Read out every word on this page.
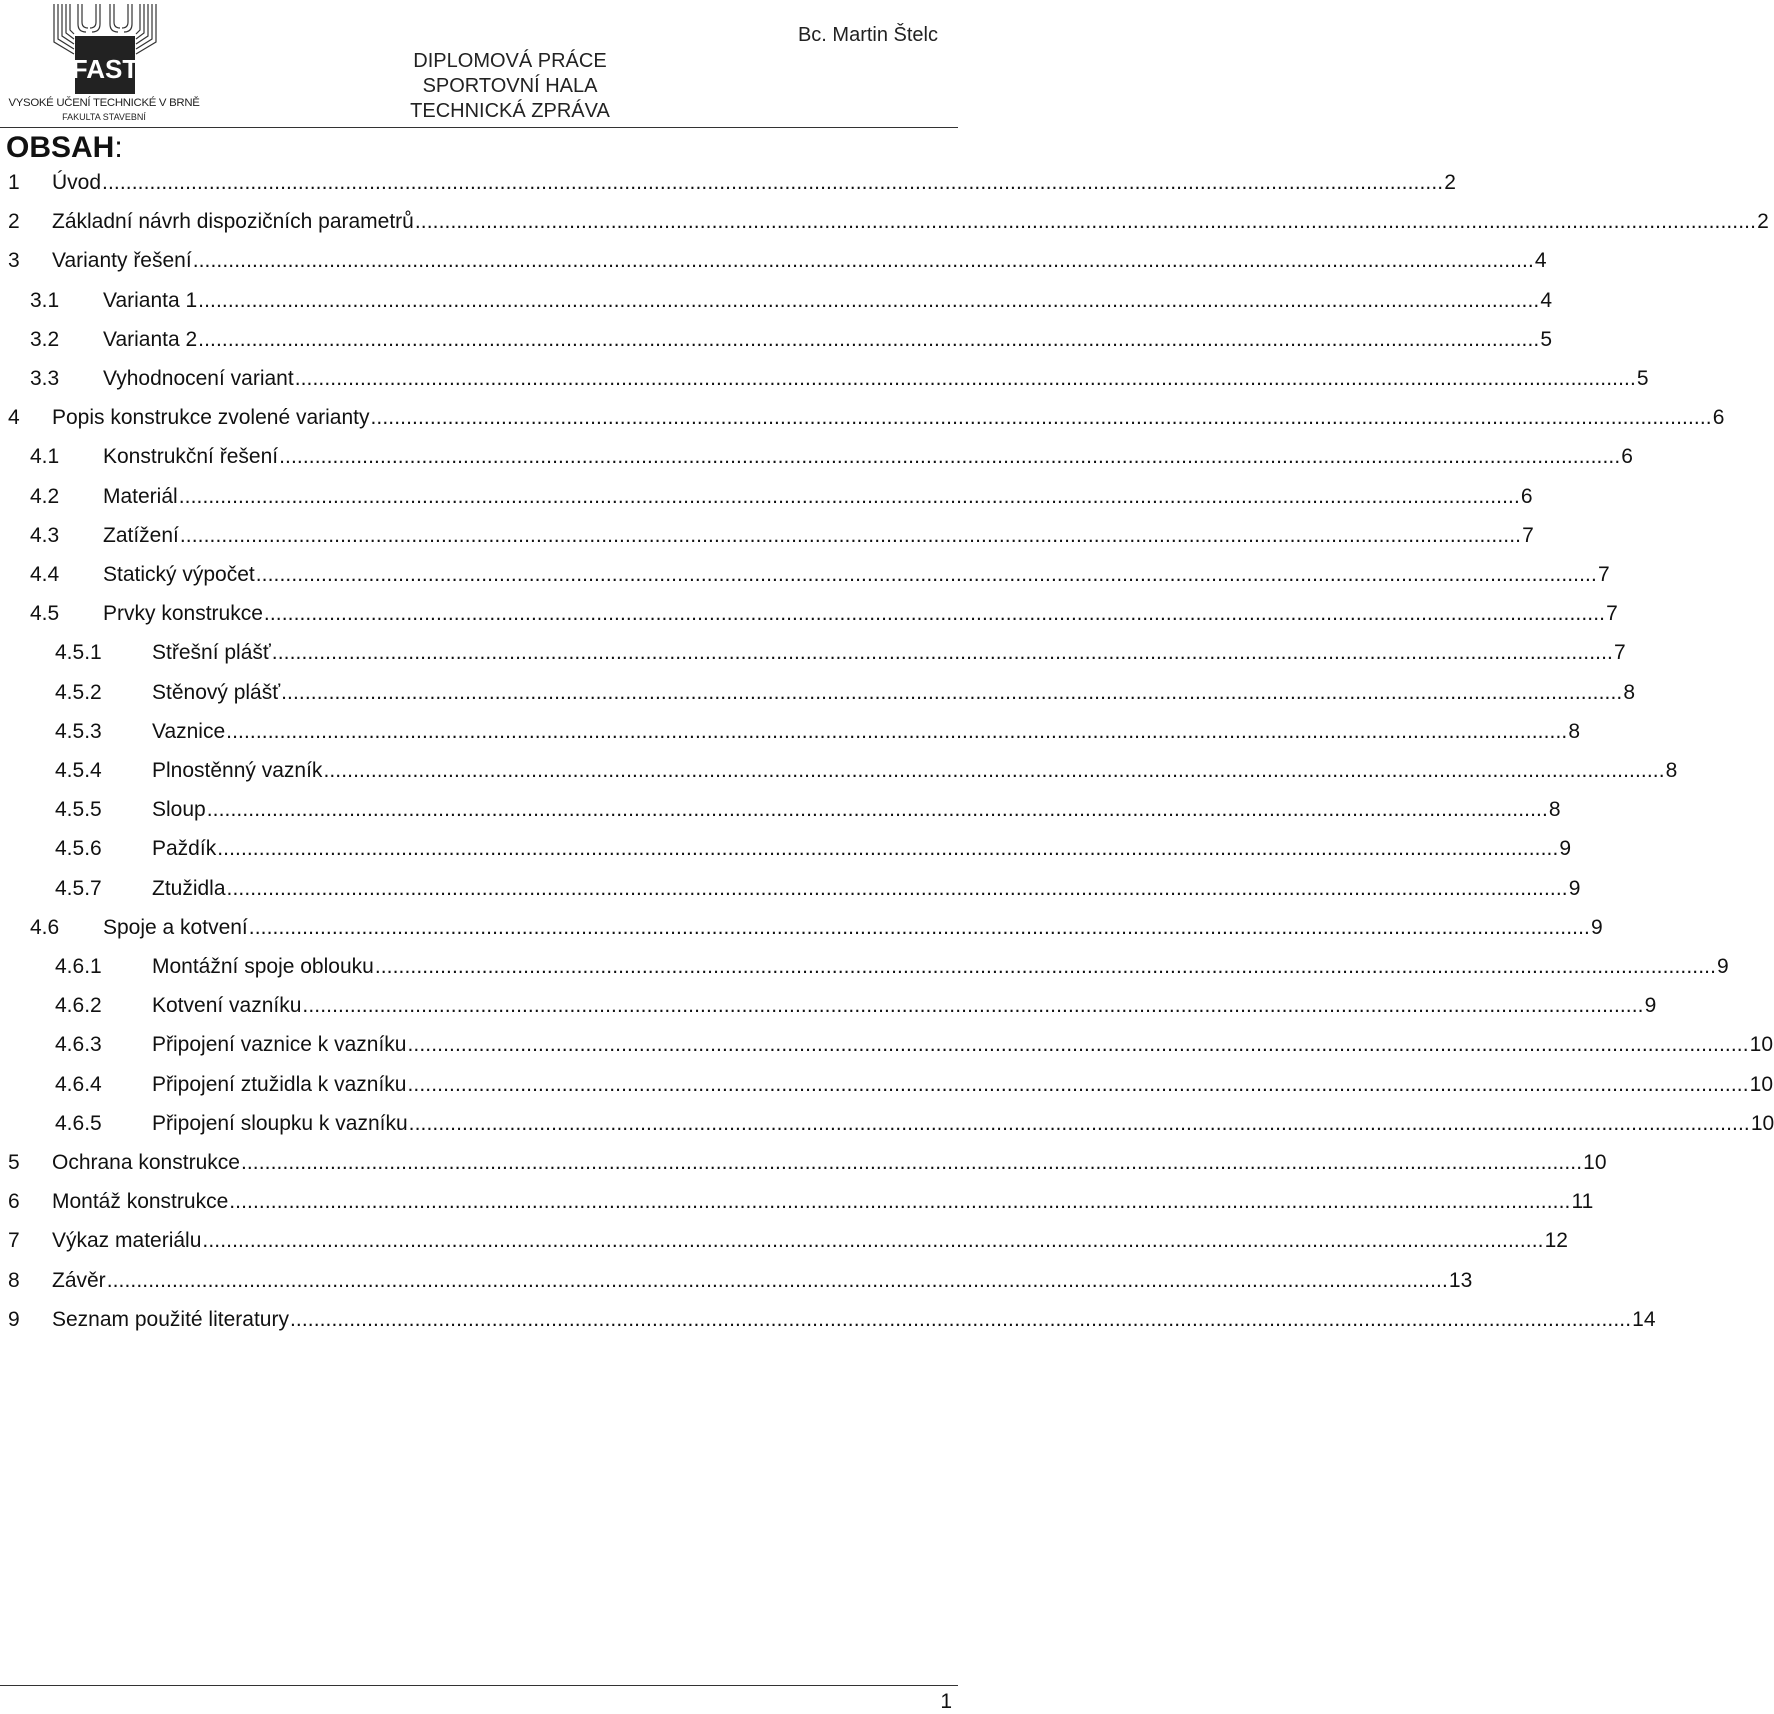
FAST
VYSOKÉ UČENÍ TECHNICKÉ V BRNĚ
FAKULTA STAVEBNÍ
DIPLOMOVÁ PRÁCE
SPORTOVNÍ HALA
TECHNICKÁ ZPRÁVA
Bc. Martin Štelc
OBSAH:
1	Úvod .................................................................................................................................................................................................................................. 2
2	Základní návrh dispozičních parametrů .................................................................................................................................................................................................................................. 2
3	Varianty řešení .................................................................................................................................................................................................................................. 4
3.1	Varianta 1 .................................................................................................................................................................................................................................. 4
3.2	Varianta 2 .................................................................................................................................................................................................................................. 5
3.3	Vyhodnocení variant .................................................................................................................................................................................................................................. 5
4	Popis konstrukce zvolené varianty .................................................................................................................................................................................................................................. 6
4.1	Konstrukční řešení .................................................................................................................................................................................................................................. 6
4.2	Materiál .................................................................................................................................................................................................................................. 6
4.3	Zatížení .................................................................................................................................................................................................................................. 7
4.4	Statický výpočet .................................................................................................................................................................................................................................. 7
4.5	Prvky konstrukce .................................................................................................................................................................................................................................. 7
4.5.1	Střešní plášť .................................................................................................................................................................................................................................. 7
4.5.2	Stěnový plášť .................................................................................................................................................................................................................................. 8
4.5.3	Vaznice .................................................................................................................................................................................................................................. 8
4.5.4	Plnostěnný vazník .................................................................................................................................................................................................................................. 8
4.5.5	Sloup .................................................................................................................................................................................................................................. 8
4.5.6	Paždík .................................................................................................................................................................................................................................. 9
4.5.7	Ztužidla .................................................................................................................................................................................................................................. 9
4.6	Spoje a kotvení .................................................................................................................................................................................................................................. 9
4.6.1	Montážní spoje oblouku .................................................................................................................................................................................................................................. 9
4.6.2	Kotvení vazníku .................................................................................................................................................................................................................................. 9
4.6.3	Připojení vaznice k vazníku .................................................................................................................................................................................................................................. 10
4.6.4	Připojení ztužidla k vazníku .................................................................................................................................................................................................................................. 10
4.6.5	Připojení sloupku k vazníku .................................................................................................................................................................................................................................. 10
5	Ochrana konstrukce .................................................................................................................................................................................................................................. 10
6	Montáž konstrukce .................................................................................................................................................................................................................................. 11
7	Výkaz materiálu .................................................................................................................................................................................................................................. 12
8	Závěr .................................................................................................................................................................................................................................. 13
9	Seznam použité literatury .................................................................................................................................................................................................................................. 14
1
